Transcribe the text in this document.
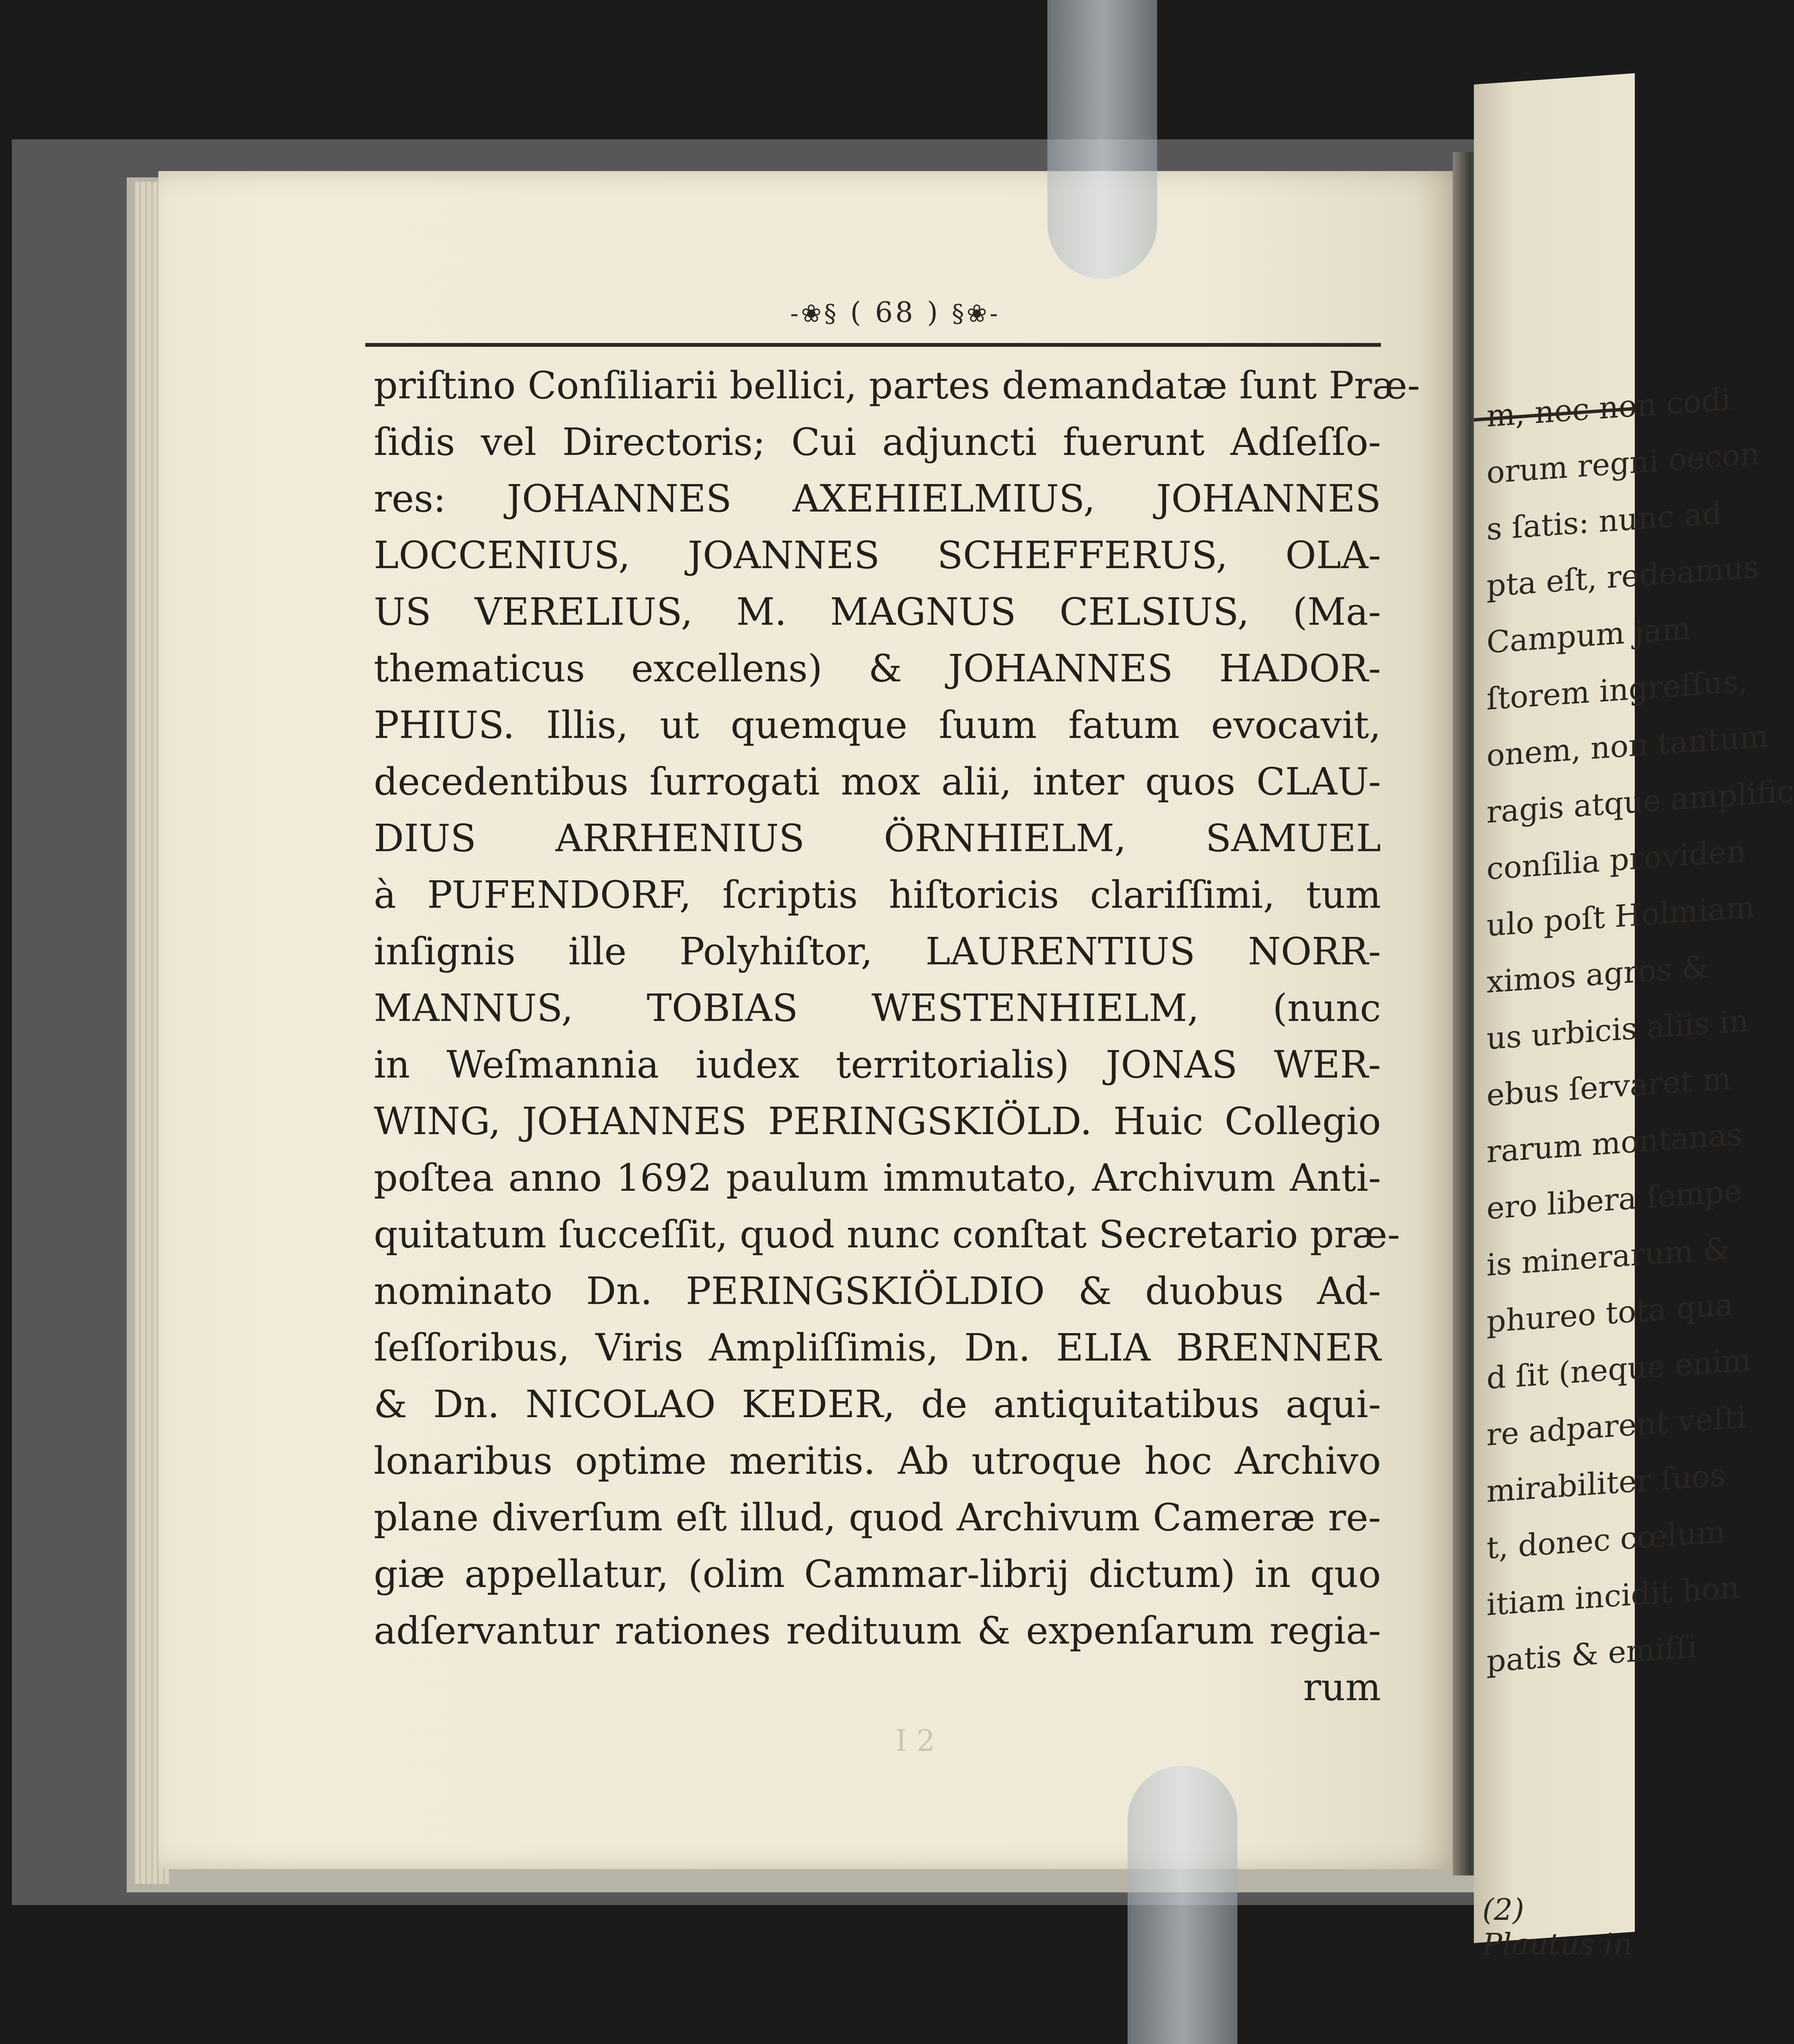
-❀§ ( 68 ) §❀-
priſtino Conſiliarii bellici, partes demandatæ ſunt Præ-
ſidis vel Directoris; Cui adjuncti fuerunt Adſeſſo-
res: JOHANNES AXEHIELMIUS, JOHANNES
LOCCENIUS, JOANNES SCHEFFERUS, OLA-
US VERELIUS, M. MAGNUS CELSIUS, (Ma-
thematicus excellens) & JOHANNES HADOR-
PHIUS. Illis, ut quemque ſuum fatum evocavit,
decedentibus ſurrogati mox alii, inter quos CLAU-
DIUS ARRHENIUS ÖRNHIELM, SAMUEL
à PUFENDORF, ſcriptis hiſtoricis clariſſimi, tum
inſignis ille Polyhiſtor, LAURENTIUS NORR-
MANNUS, TOBIAS WESTENHIELM, (nunc
in Weſmannia iudex territorialis) JONAS WER-
WING, JOHANNES PERINGSKIÖLD. Huic Collegio
poſtea anno 1692 paulum immutato, Archivum Anti-
quitatum ſucceſſit, quod nunc conſtat Secretario præ-
nominato Dn. PERINGSKIÖLDIO & duobus Ad-
ſeſſoribus, Viris Ampliſſimis, Dn. ELIA BRENNER
& Dn. NICOLAO KEDER, de antiquitatibus aqui-
lonaribus optime meritis. Ab utroque hoc Archivo
plane diverſum eſt illud, quod Archivum Cameræ re-
giæ appellatur, (olim Cammar-librij dictum) in quo
adſervantur rationes redituum & expenſarum regia-
rum
I 2
m, nec non codi
orum regni oecon
s ſatis: nunc ad
pta eſt, redeamus
Campum jam
ſtorem ingreſſus,
onem, non tantum
ragis atque amplific
conſilia providen
ulo poſt Holmiam
ximos agros &
us urbicis aliis in
ebus ſervaret m
rarum montanas
ero libera ſempe
is minerarum &
phureo tota qua
d ſit (neque enim
re adparent veſti
mirabiliter ſuos
t, donec cœlum
itiam incidit hon
patis & emiſſi
(2) Plautus in
